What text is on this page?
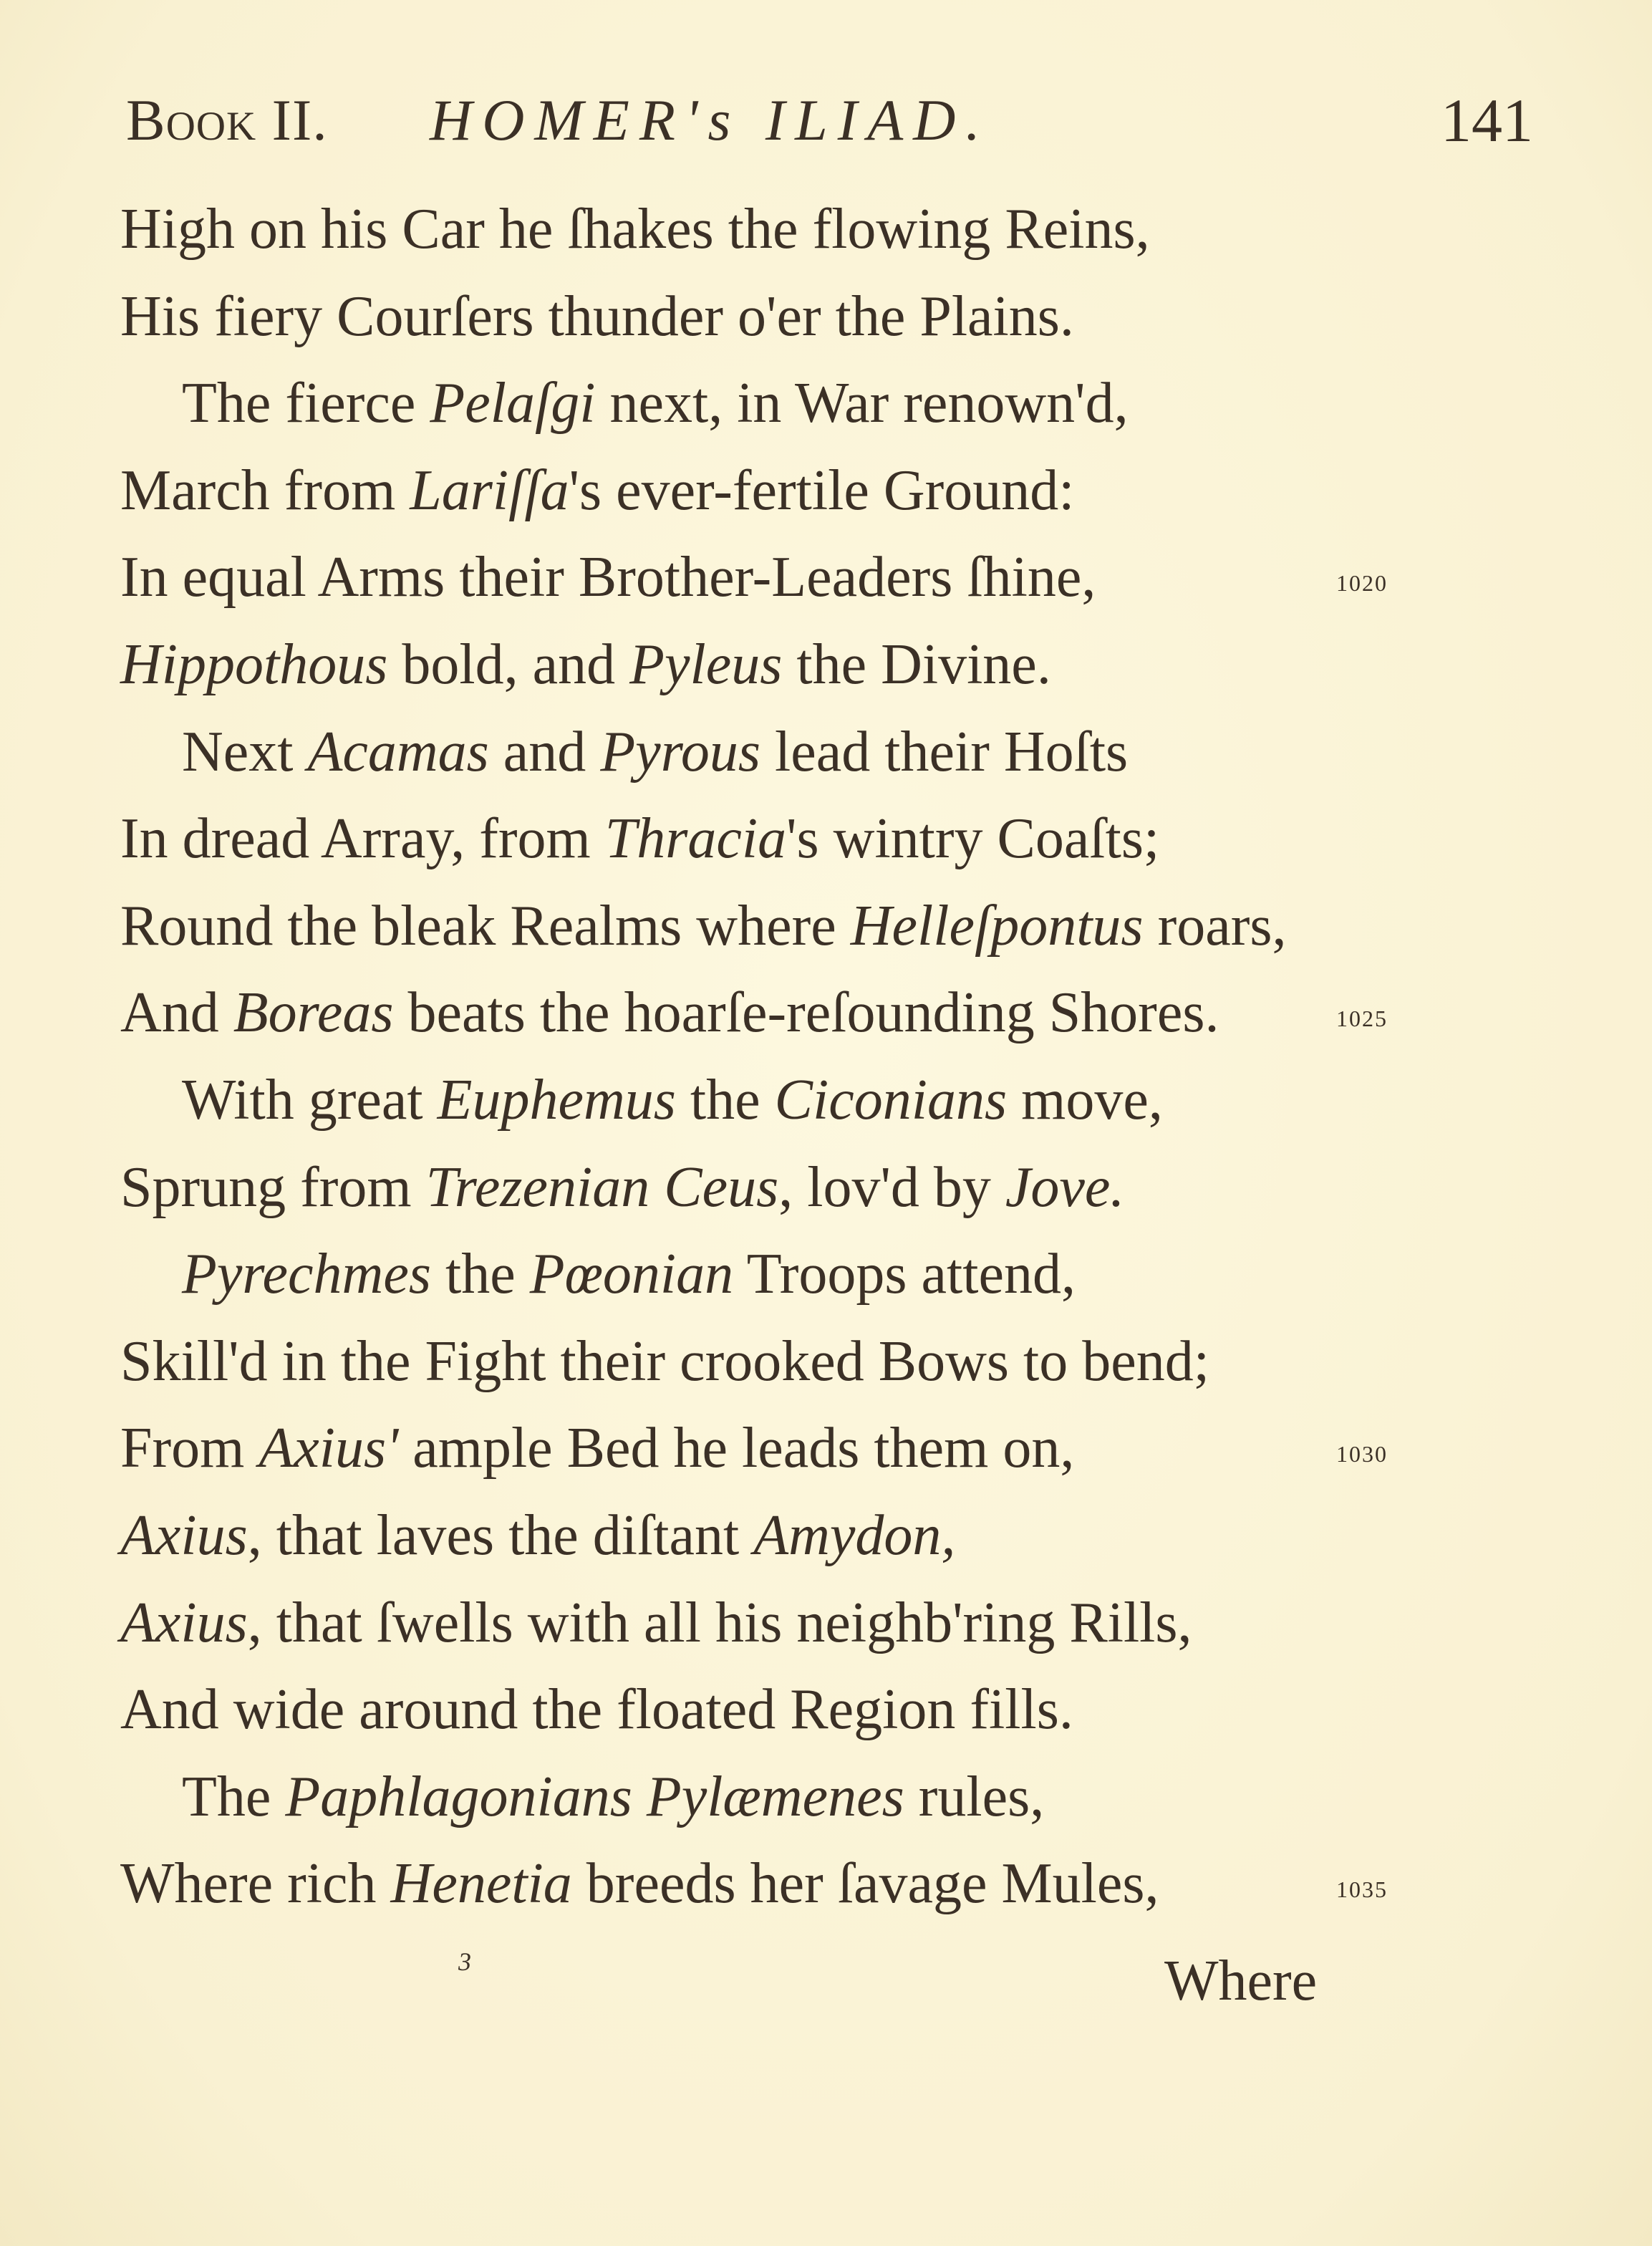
Book II. HOMER's ILIAD.	141
High on his Car he ſhakes the flowing Reins,
His fiery Courſers thunder o'er the Plains.
The fierce Pelaſgi next, in War renown'd,
March from Lariſſa's ever-fertile Ground:
In equal Arms their Brother-Leaders ſhine,	1020
Hippothous bold, and Pyleus the Divine.
Next Acamas and Pyrous lead their Hoſts
In dread Array, from Thracia's wintry Coaſts;
Round the bleak Realms where Helleſpontus roars,
And Boreas beats the hoarſe-reſounding Shores.	1025
With great Euphemus the Ciconians move,
Sprung from Trezenian Ceus, lov'd by Jove.
Pyrechmes the Pœonian Troops attend,
Skill'd in the Fight their crooked Bows to bend;
From Axius' ample Bed he leads them on,	1030
Axius, that laves the diſtant Amydon,
Axius, that ſwells with all his neighb'ring Rills,
And wide around the floated Region fills.
The Paphlagonians Pylæmenes rules,
Where rich Henetia breeds her ſavage Mules,	1035
3	Where
